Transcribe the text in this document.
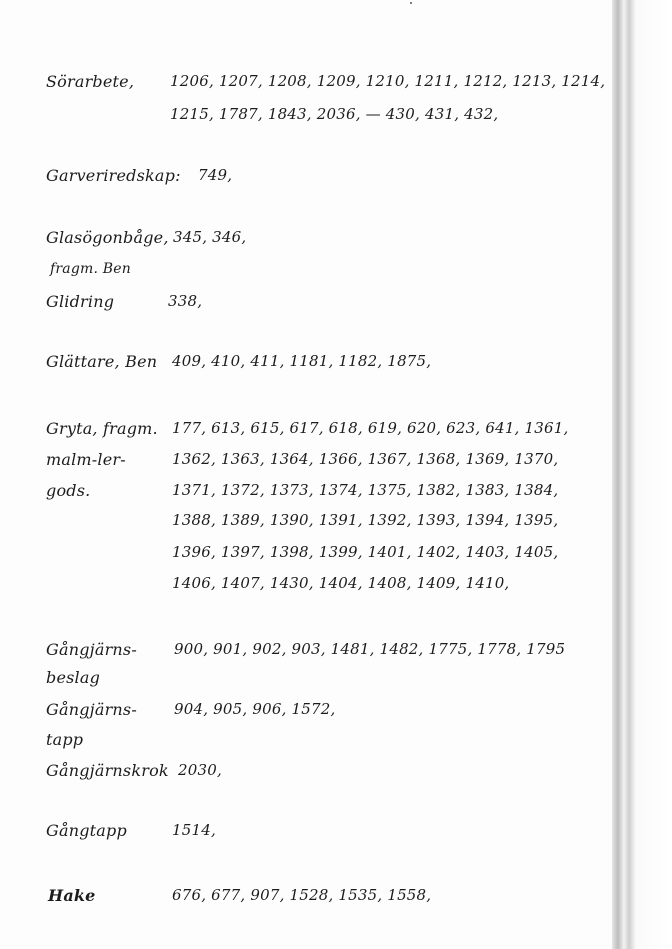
Sörarbete, 1206, 1207, 1208, 1209, 1210, 1211, 1212, 1213, 1214,
1215, 1787, 1843, 2036, — 430, 431, 432,
Garveriredskap: 749,
Glasögonbåge, 345, 346,
fragm. Ben
Glidring	338,
Glättare, Ben 409, 410, 411, 1181, 1182, 1875,
Gryta, fragm. 177, 613, 615, 617, 618, 619, 620, 623, 641, 1361,
malm-ler-	1362, 1363, 1364, 1366, 1367, 1368, 1369, 1370,
gods.	1371, 1372, 1373, 1374, 1375, 1382, 1383, 1384,
1388, 1389, 1390, 1391, 1392, 1393, 1394, 1395,
1396, 1397, 1398, 1399, 1401, 1402, 1403, 1405,
1406, 1407, 1430, 1404, 1408, 1409, 1410,
Gångjärns- 900, 901, 902, 903, 1481, 1482, 1775, 1778, 1795
beslag
Gångjärns- 904, 905, 906, 1572,
tapp
Gångjärnskrok 2030,
Gångtapp	1514,
Hake	676, 677, 907, 1528, 1535, 1558,
